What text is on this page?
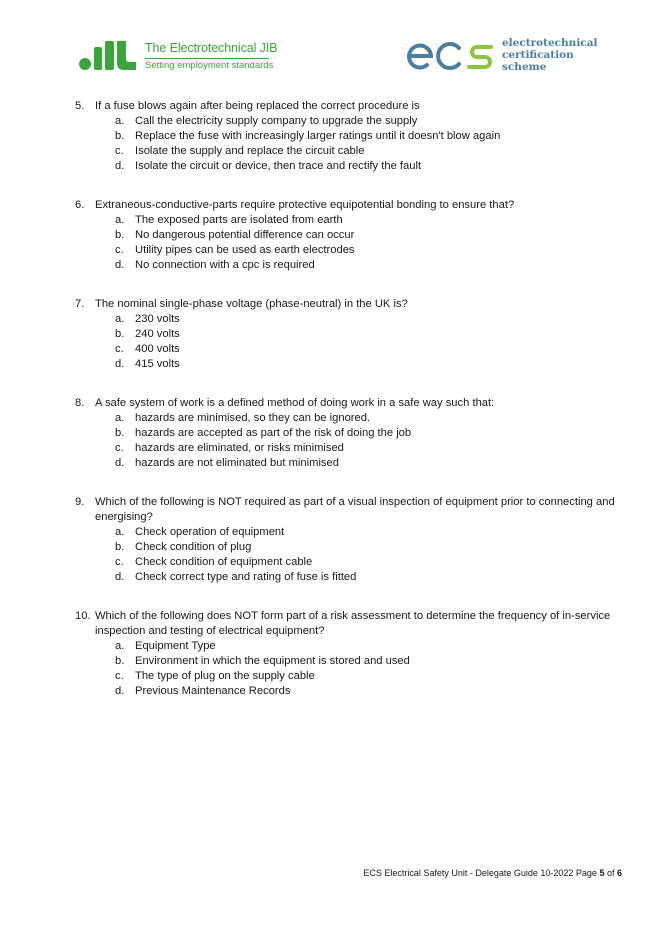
The Electrotechnical JIB
Setting employment standards
electrotechnical
certification
scheme
5. If a fuse blows again after being replaced the correct procedure is
a. Call the electricity supply company to upgrade the supply
b. Replace the fuse with increasingly larger ratings until it doesn't blow again
c. Isolate the supply and replace the circuit cable
d. Isolate the circuit or device, then trace and rectify the fault
6. Extraneous-conductive-parts require protective equipotential bonding to ensure that?
a. The exposed parts are isolated from earth
b. No dangerous potential difference can occur
c. Utility pipes can be used as earth electrodes
d. No connection with a cpc is required
7. The nominal single-phase voltage (phase-neutral) in the UK is?
a. 230 volts
b. 240 volts
c. 400 volts
d. 415 volts
8. A safe system of work is a defined method of doing work in a safe way such that:
a. hazards are minimised, so they can be ignored.
b. hazards are accepted as part of the risk of doing the job
c. hazards are eliminated, or risks minimised
d. hazards are not eliminated but minimised
9. Which of the following is NOT required as part of a visual inspection of equipment prior to connecting and energising?
a. Check operation of equipment
b. Check condition of plug
c. Check condition of equipment cable
d. Check correct type and rating of fuse is fitted
10. Which of the following does NOT form part of a risk assessment to determine the frequency of in-service inspection and testing of electrical equipment?
a. Equipment Type
b. Environment in which the equipment is stored and used
c. The type of plug on the supply cable
d. Previous Maintenance Records
ECS Electrical Safety Unit - Delegate Guide 10-2022 Page 5 of 6
